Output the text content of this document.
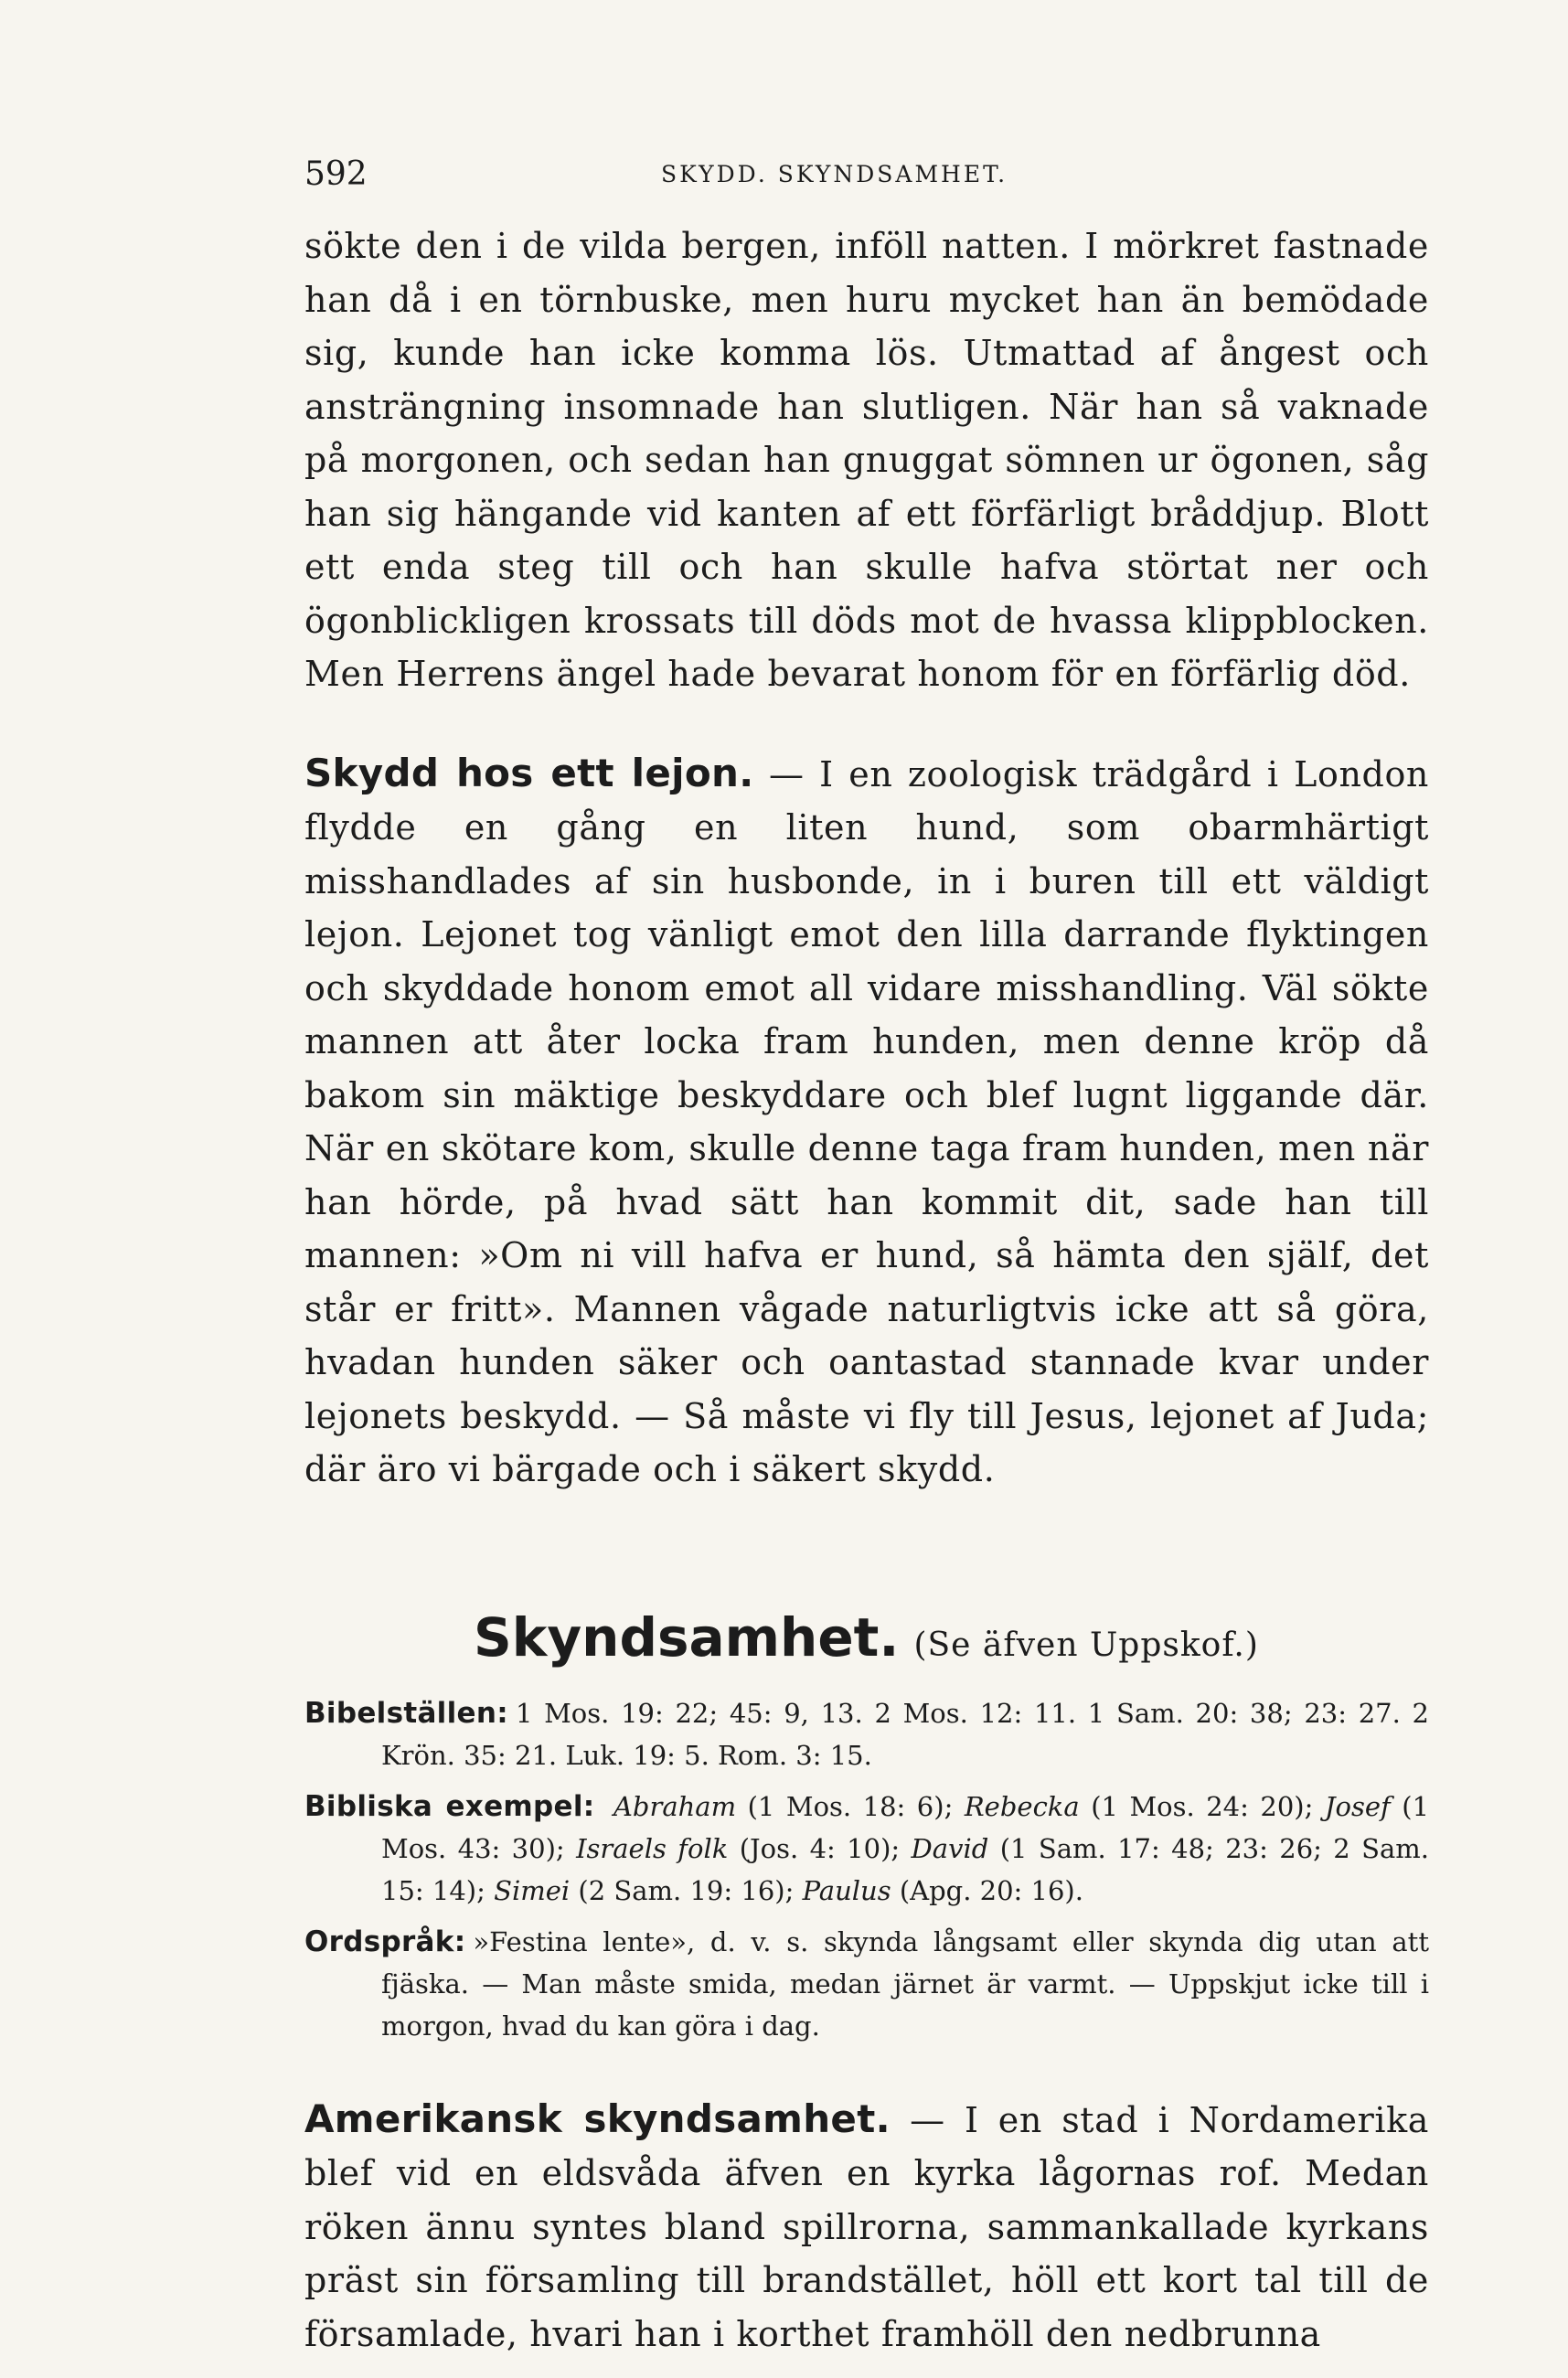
592	SKYDD. SKYNDSAMHET.

sökte den i de vilda bergen, inföll natten. I mörkret fastnade han då i en törnbuske, men huru mycket han än bemödade sig, kunde han icke komma lös. Utmattad af ångest och ansträngning insomnade han slutligen. När han så vaknade på morgonen, och sedan han gnuggat sömnen ur ögonen, såg han sig hängande vid kanten af ett förfärligt bråddjup. Blott ett enda steg till och han skulle hafva störtat ner och ögonblickligen krossats till döds mot de hvassa klippblocken. Men Herrens ängel hade bevarat honom för en förfärlig död.

Skydd hos ett lejon. — I en zoologisk trädgård i London flydde en gång en liten hund, som obarmhärtigt misshandlades af sin husbonde, in i buren till ett väldigt lejon. Lejonet tog vänligt emot den lilla darrande flyktingen och skyddade honom emot all vidare misshandling. Väl sökte mannen att åter locka fram hunden, men denne kröp då bakom sin mäktige beskyddare och blef lugnt liggande där. När en skötare kom, skulle denne taga fram hunden, men när han hörde, på hvad sätt han kommit dit, sade han till mannen: »Om ni vill hafva er hund, så hämta den själf, det står er fritt». Mannen vågade naturligtvis icke att så göra, hvadan hunden säker och oantastad stannade kvar under lejonets beskydd. — Så måste vi fly till Jesus, lejonet af Juda; där äro vi bärgade och i säkert skydd.

Skyndsamhet. (Se äfven Uppskof.)

Bibelställen: 1 Mos. 19: 22; 45: 9, 13. 2 Mos. 12: 11. 1 Sam. 20: 38; 23: 27. 2 Krön. 35: 21. Luk. 19: 5. Rom. 3: 15.

Bibliska exempel: Abraham (1 Mos. 18: 6); Rebecka (1 Mos. 24: 20); Josef (1 Mos. 43: 30); Israels folk (Jos. 4: 10); David (1 Sam. 17: 48; 23: 26; 2 Sam. 15: 14); Simei (2 Sam. 19: 16); Paulus (Apg. 20: 16).

Ordspråk: »Festina lente», d. v. s. skynda långsamt eller skynda dig utan att fjäska. — Man måste smida, medan järnet är varmt. — Uppskjut icke till i morgon, hvad du kan göra i dag.

Amerikansk skyndsamhet. — I en stad i Nordamerika blef vid en eldsvåda äfven en kyrka lågornas rof. Medan röken ännu syntes bland spillrorna, sammankallade kyrkans präst sin församling till brandstället, höll ett kort tal till de församlade, hvari han i korthet framhöll den nedbrunna
